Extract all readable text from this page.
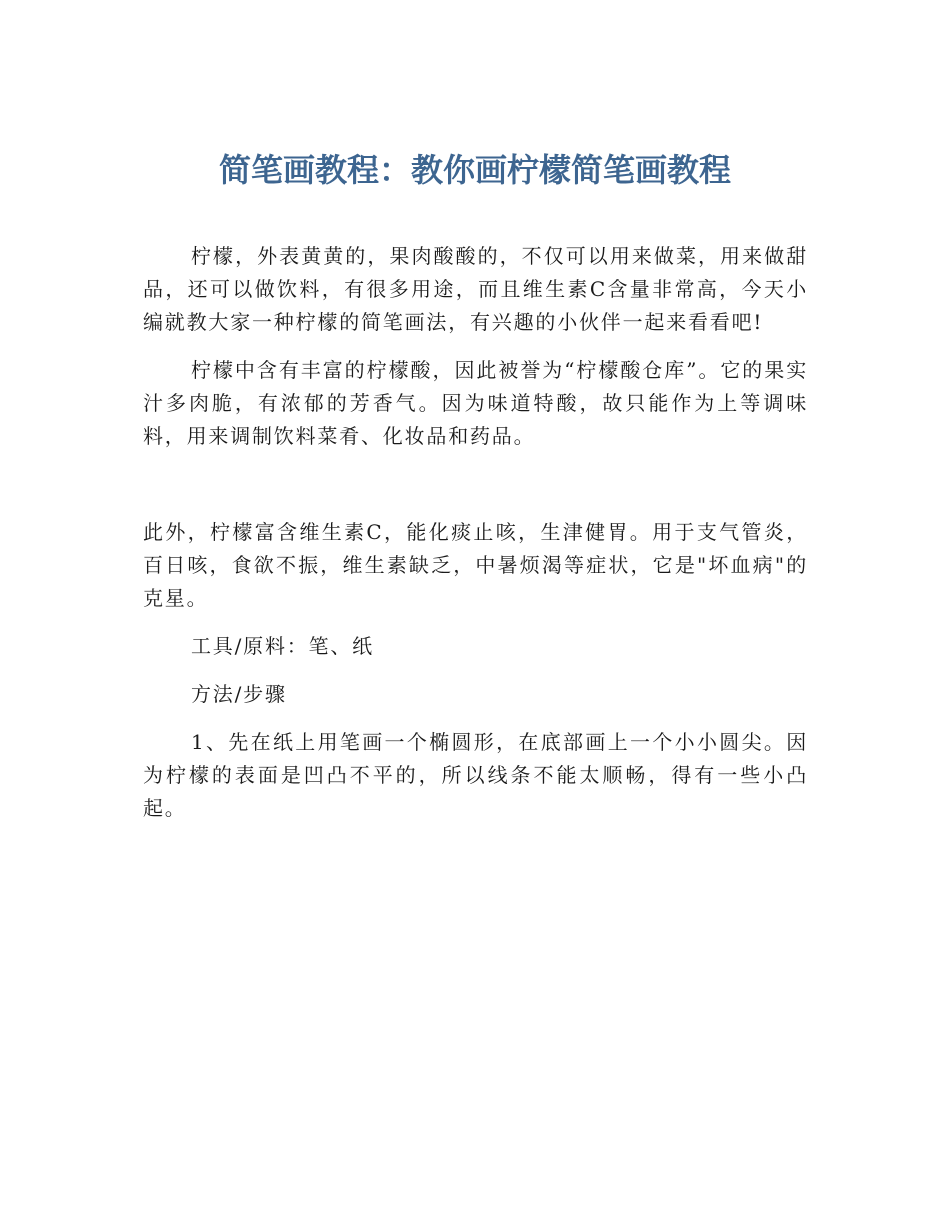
简笔画教程：教你画柠檬简笔画教程

柠檬，外表黄黄的，果肉酸酸的，不仅可以用来做菜，用来做甜品，还可以做饮料，有很多用途，而且维生素C含量非常高，今天小编就教大家一种柠檬的简笔画法，有兴趣的小伙伴一起来看看吧!

柠檬中含有丰富的柠檬酸，因此被誉为“柠檬酸仓库”。它的果实汁多肉脆，有浓郁的芳香气。因为味道特酸，故只能作为上等调味料，用来调制饮料菜肴、化妆品和药品。

此外，柠檬富含维生素C，能化痰止咳，生津健胃。用于支气管炎，百日咳，食欲不振，维生素缺乏，中暑烦渴等症状，它是"坏血病"的克星。

工具/原料：笔、纸

方法/步骤

1、先在纸上用笔画一个椭圆形，在底部画上一个小小圆尖。因为柠檬的表面是凹凸不平的，所以线条不能太顺畅，得有一些小凸起。
